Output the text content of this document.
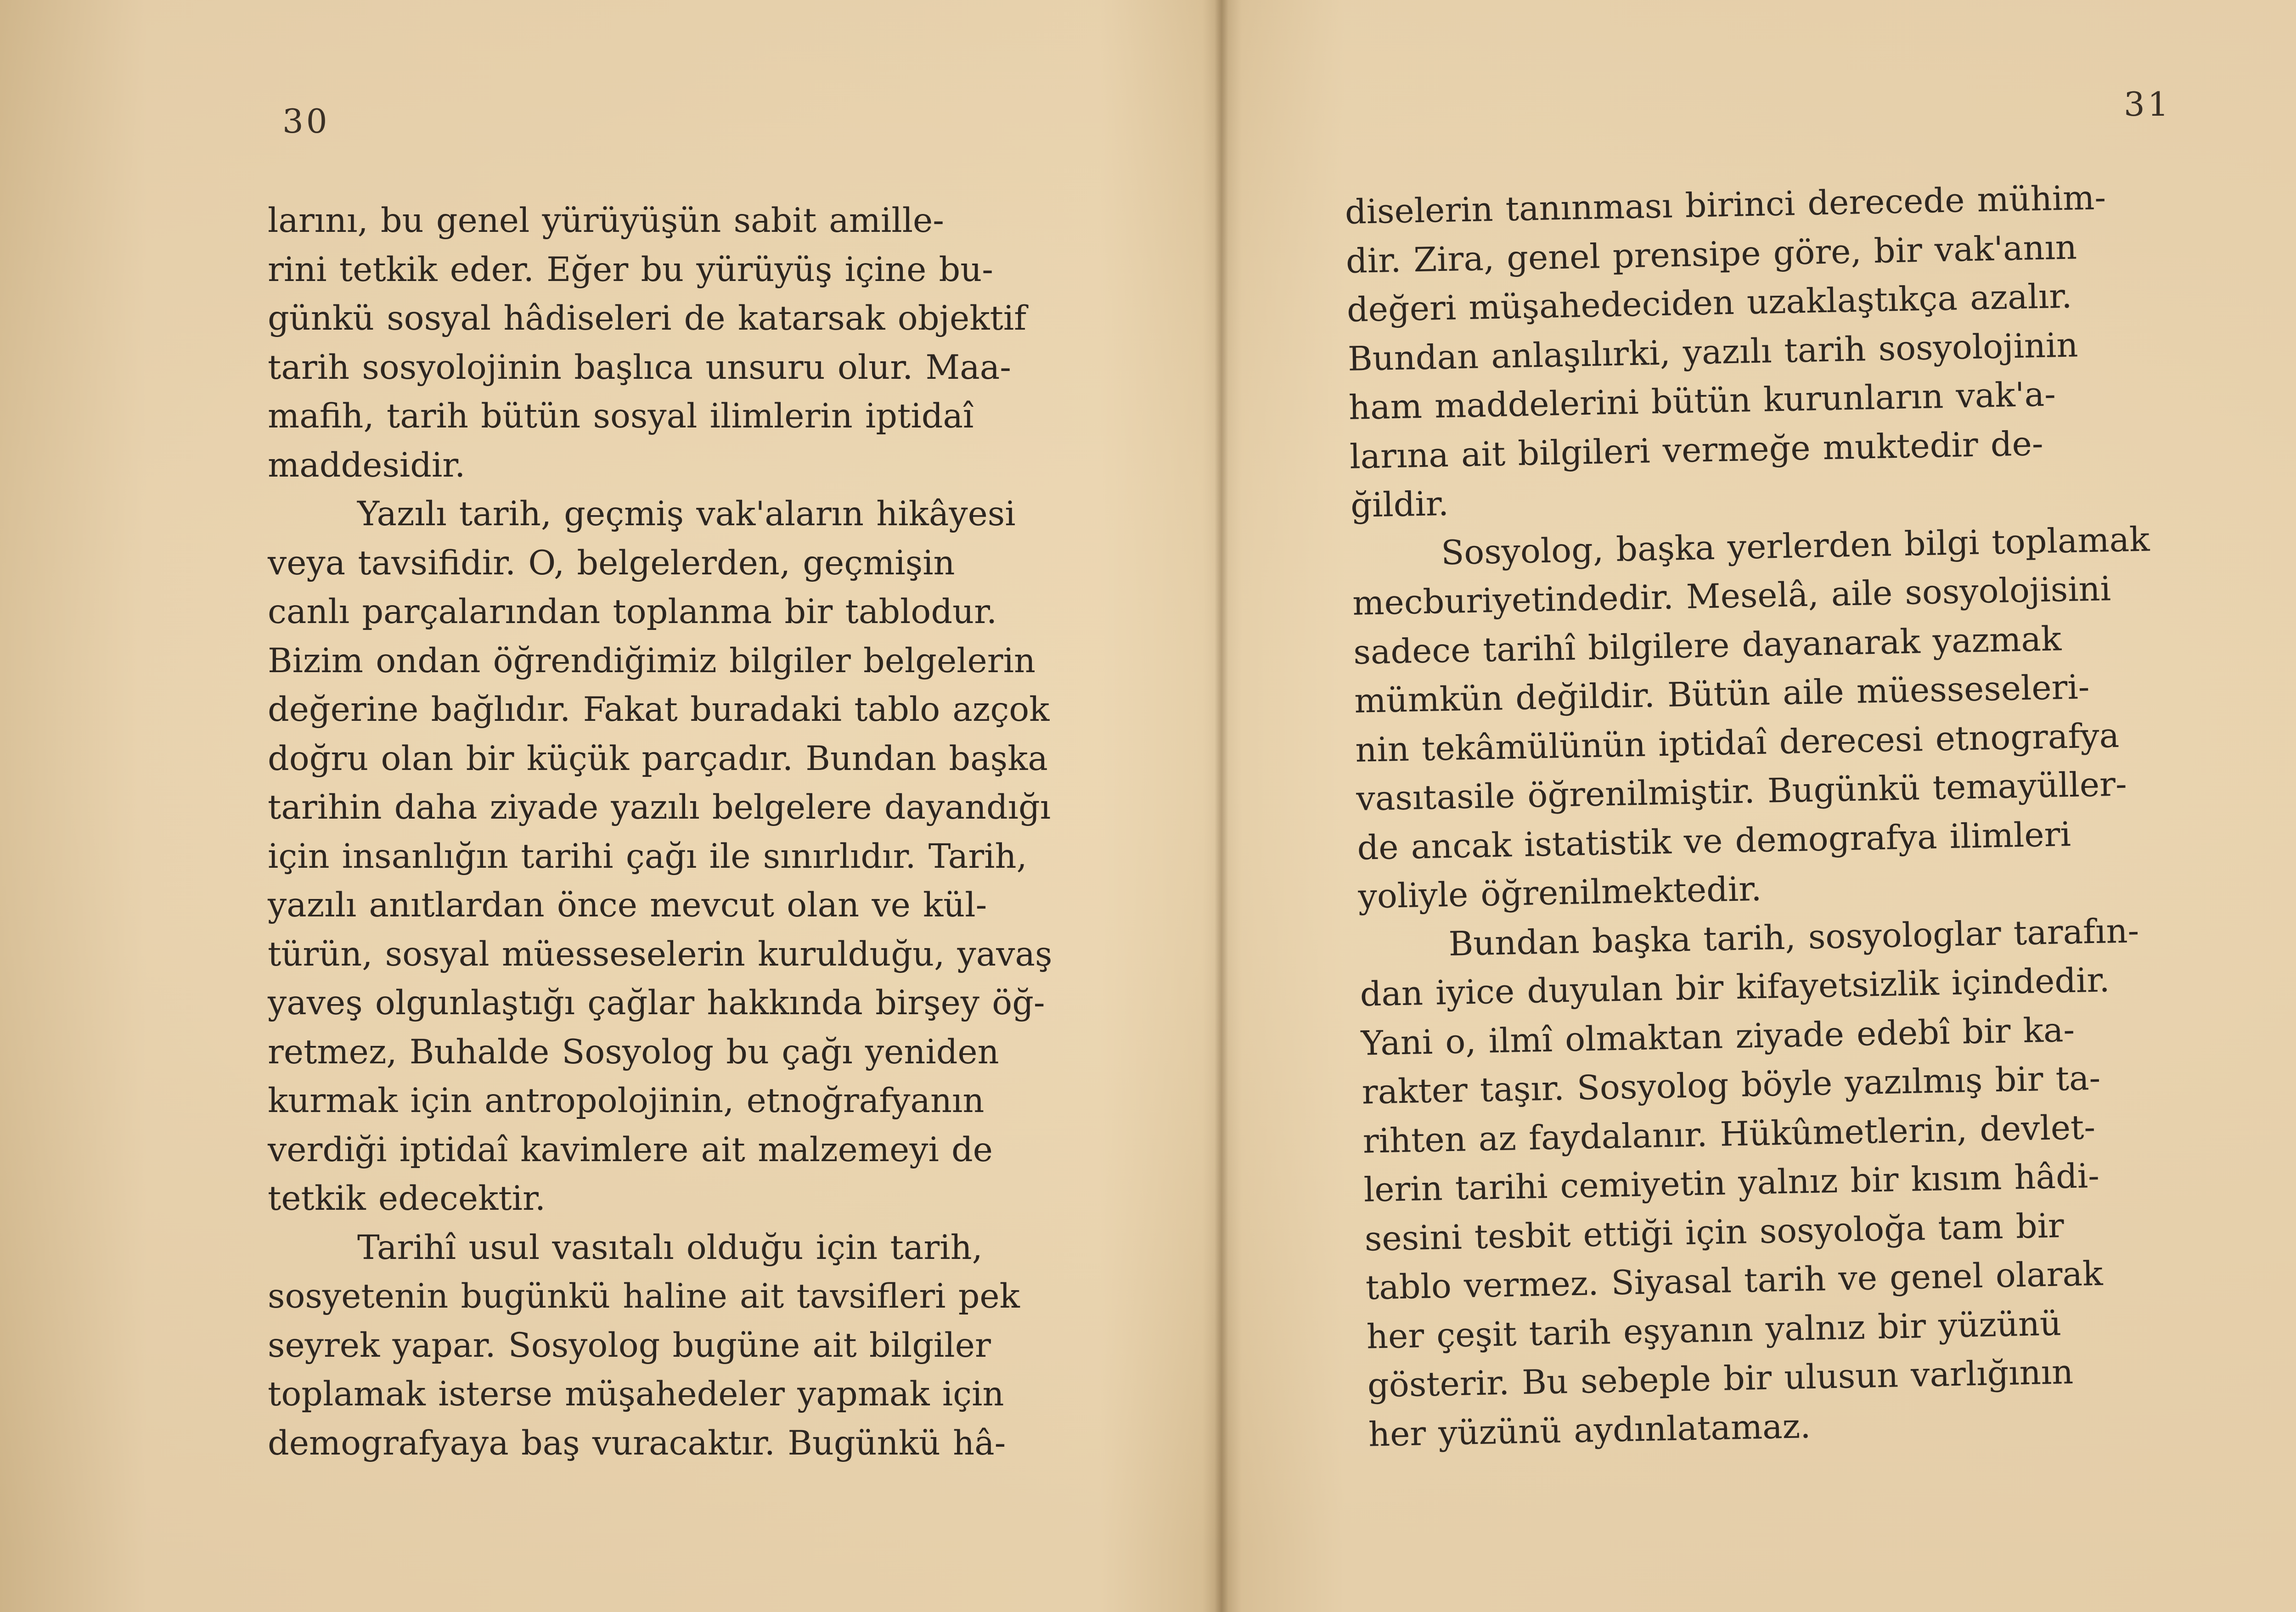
30
larını, bu genel yürüyüşün sabit amille-
rini tetkik eder. Eğer bu yürüyüş içine bu-
günkü sosyal hâdiseleri de katarsak objektif
tarih sosyolojinin başlıca unsuru olur. Maa-
mafih, tarih bütün sosyal ilimlerin iptidaî
maddesidir.
Yazılı tarih, geçmiş vak'aların hikâyesi
veya tavsifidir. O, belgelerden, geçmişin
canlı parçalarından toplanma bir tablodur.
Bizim ondan öğrendiğimiz bilgiler belgelerin
değerine bağlıdır. Fakat buradaki tablo azçok
doğru olan bir küçük parçadır. Bundan başka
tarihin daha ziyade yazılı belgelere dayandığı
için insanlığın tarihi çağı ile sınırlıdır. Tarih,
yazılı anıtlardan önce mevcut olan ve kül-
türün, sosyal müesseselerin kurulduğu, yavaş
yaveş olgunlaştığı çağlar hakkında birşey öğ-
retmez, Buhalde Sosyolog bu çağı yeniden
kurmak için antropolojinin, etnoğrafyanın
verdiği iptidaî kavimlere ait malzemeyi de
tetkik edecektir.
Tarihî usul vasıtalı olduğu için tarih,
sosyetenin bugünkü haline ait tavsifleri pek
seyrek yapar. Sosyolog bugüne ait bilgiler
toplamak isterse müşahedeler yapmak için
demografyaya baş vuracaktır. Bugünkü hâ-
31
diselerin tanınması birinci derecede mühim-
dir. Zira, genel prensipe göre, bir vak'anın
değeri müşahedeciden uzaklaştıkça azalır.
Bundan anlaşılırki, yazılı tarih sosyolojinin
ham maddelerini bütün kurunların vak'a-
larına ait bilgileri vermeğe muktedir de-
ğildir.
Sosyolog, başka yerlerden bilgi toplamak
mecburiyetindedir. Meselâ, aile sosyolojisini
sadece tarihî bilgilere dayanarak yazmak
mümkün değildir. Bütün aile müesseseleri-
nin tekâmülünün iptidaî derecesi etnografya
vasıtasile öğrenilmiştir. Bugünkü temayüller-
de ancak istatistik ve demografya ilimleri
yoliyle öğrenilmektedir.
Bundan başka tarih, sosyologlar tarafın-
dan iyice duyulan bir kifayetsizlik içindedir.
Yani o, ilmî olmaktan ziyade edebî bir ka-
rakter taşır. Sosyolog böyle yazılmış bir ta-
rihten az faydalanır. Hükûmetlerin, devlet-
lerin tarihi cemiyetin yalnız bir kısım hâdi-
sesini tesbit ettiği için sosyoloğa tam bir
tablo vermez. Siyasal tarih ve genel olarak
her çeşit tarih eşyanın yalnız bir yüzünü
gösterir. Bu sebeple bir ulusun varlığının
her yüzünü aydınlatamaz.
